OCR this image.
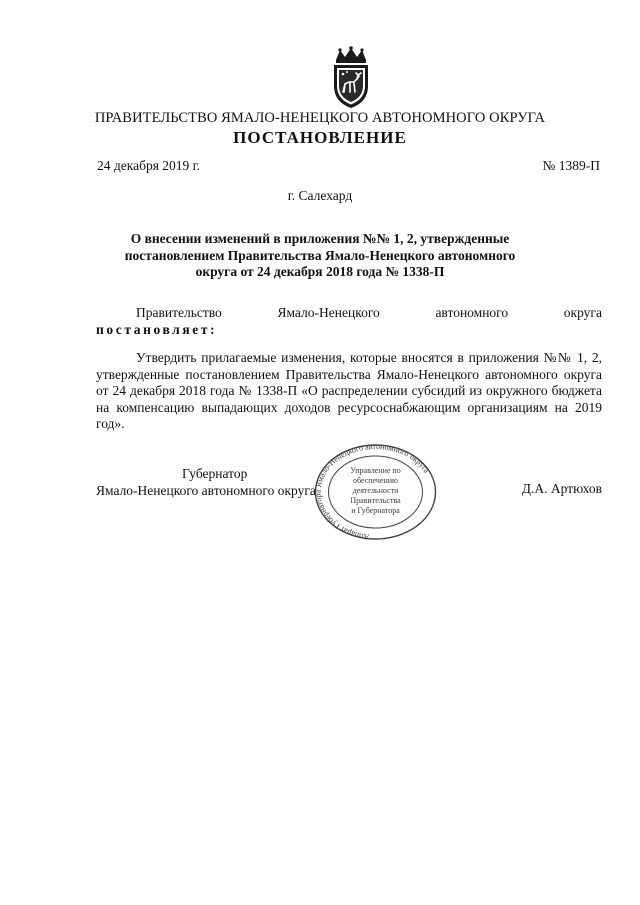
ПРАВИТЕЛЬСТВО ЯМАЛО-НЕНЕЦКОГО АВТОНОМНОГО ОКРУГА
ПОСТАНОВЛЕНИЕ
24 декабря 2019 г.	№ 1389-П
г. Салехард
О внесении изменений в приложения №№ 1, 2, утвержденные
постановлением Правительства Ямало-Ненецкого автономного
округа от 24 декабря 2018 года № 1338-П
Правительство	Ямало-Ненецкого	автономного	округа
постановляет:
Утвердить прилагаемые изменения, которые вносятся в приложения №№ 1, 2, утвержденные постановлением Правительства Ямало-Ненецкого автономного округа от 24 декабря 2018 года № 1338-П «О распределении субсидий из окружного бюджета на компенсацию выпадающих доходов ресурсоснабжающим организациям на 2019 год».
Губернатор
Ямало-Ненецкого автономного округа	Д.А. Артюхов
Аппарат Губернатора Ямало-Ненецкого автономного округа
Управление по
обеспечению
деятельности
Правительства
и Губернатора
